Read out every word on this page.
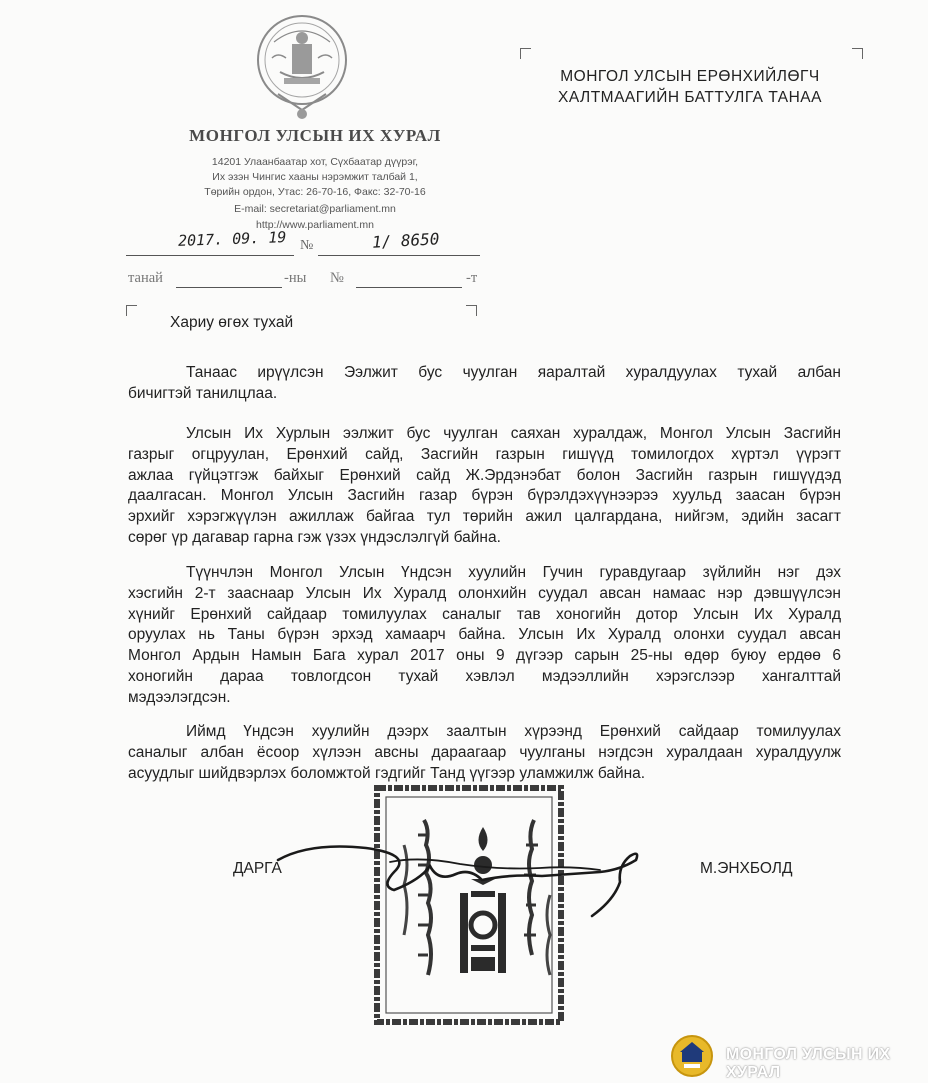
МОНГОЛ УЛСЫН ИХ ХУРАЛ
14201 Улаанбаатар хот, Сүхбаатар дүүрэг,
Их эзэн Чингис хааны нэрэмжит талбай 1,
Төрийн ордон, Утас: 26-70-16, Факс: 32-70-16
E-mail: secretariat@parliament.mn
http://www.parliament.mn
2017. 09. 19 №	1/ 8650
танай	-ны №	-т
МОНГОЛ УЛСЫН ЕРӨНХИЙЛӨГЧ
ХАЛТМААГИЙН БАТТУЛГА ТАНАА
Хариу өгөх тухай
Танаас ирүүлсэн Ээлжит бус чуулган яаралтай хуралдуулах тухай албан
бичигтэй танилцлаа.
Улсын Их Хурлын ээлжит бус чуулган саяхан хуралдаж, Монгол Улсын Засгийн
газрыг огцруулан, Ерөнхий сайд, Засгийн газрын гишүүд томилогдох хүртэл үүрэгт
ажлаа гүйцэтгэж байхыг Ерөнхий сайд Ж.Эрдэнэбат болон Засгийн газрын гишүүдэд
даалгасан. Монгол Улсын Засгийн газар бүрэн бүрэлдэхүүнээрээ хуульд заасан бүрэн
эрхийг хэрэгжүүлэн ажиллаж байгаа тул төрийн ажил цалгардана, нийгэм, эдийн засагт
сөрөг үр дагавар гарна гэж үзэх үндэслэлгүй байна.
Түүнчлэн Монгол Улсын Үндсэн хуулийн Гучин гуравдугаар зүйлийн нэг дэх
хэсгийн 2-т зааснаар Улсын Их Хуралд олонхийн суудал авсан намаас нэр дэвшүүлсэн
хүнийг Ерөнхий сайдаар томилуулах саналыг тав хоногийн дотор Улсын Их Хуралд
оруулах нь Таны бүрэн эрхэд хамаарч байна. Улсын Их Хуралд олонхи суудал авсан
Монгол Ардын Намын Бага хурал 2017 оны 9 дүгээр сарын 25-ны өдөр буюу ердөө 6
хоногийн дараа товлогдсон тухай хэвлэл мэдээллийн хэрэгслээр хангалттай
мэдээлэгдсэн.
Иймд Үндсэн хуулийн дээрх заалтын хүрээнд Ерөнхий сайдаар томилуулах
саналыг албан ёсоор хүлээн авсны дараагаар чуулганы нэгдсэн хуралдаан хуралдуулж
асуудлыг шийдвэрлэх боломжтой гэдгийг Танд үүгээр уламжилж байна.
ДАРГА	М.ЭНХБОЛД
МОНГОЛ УЛСЫН ИХ ХУРАЛ
